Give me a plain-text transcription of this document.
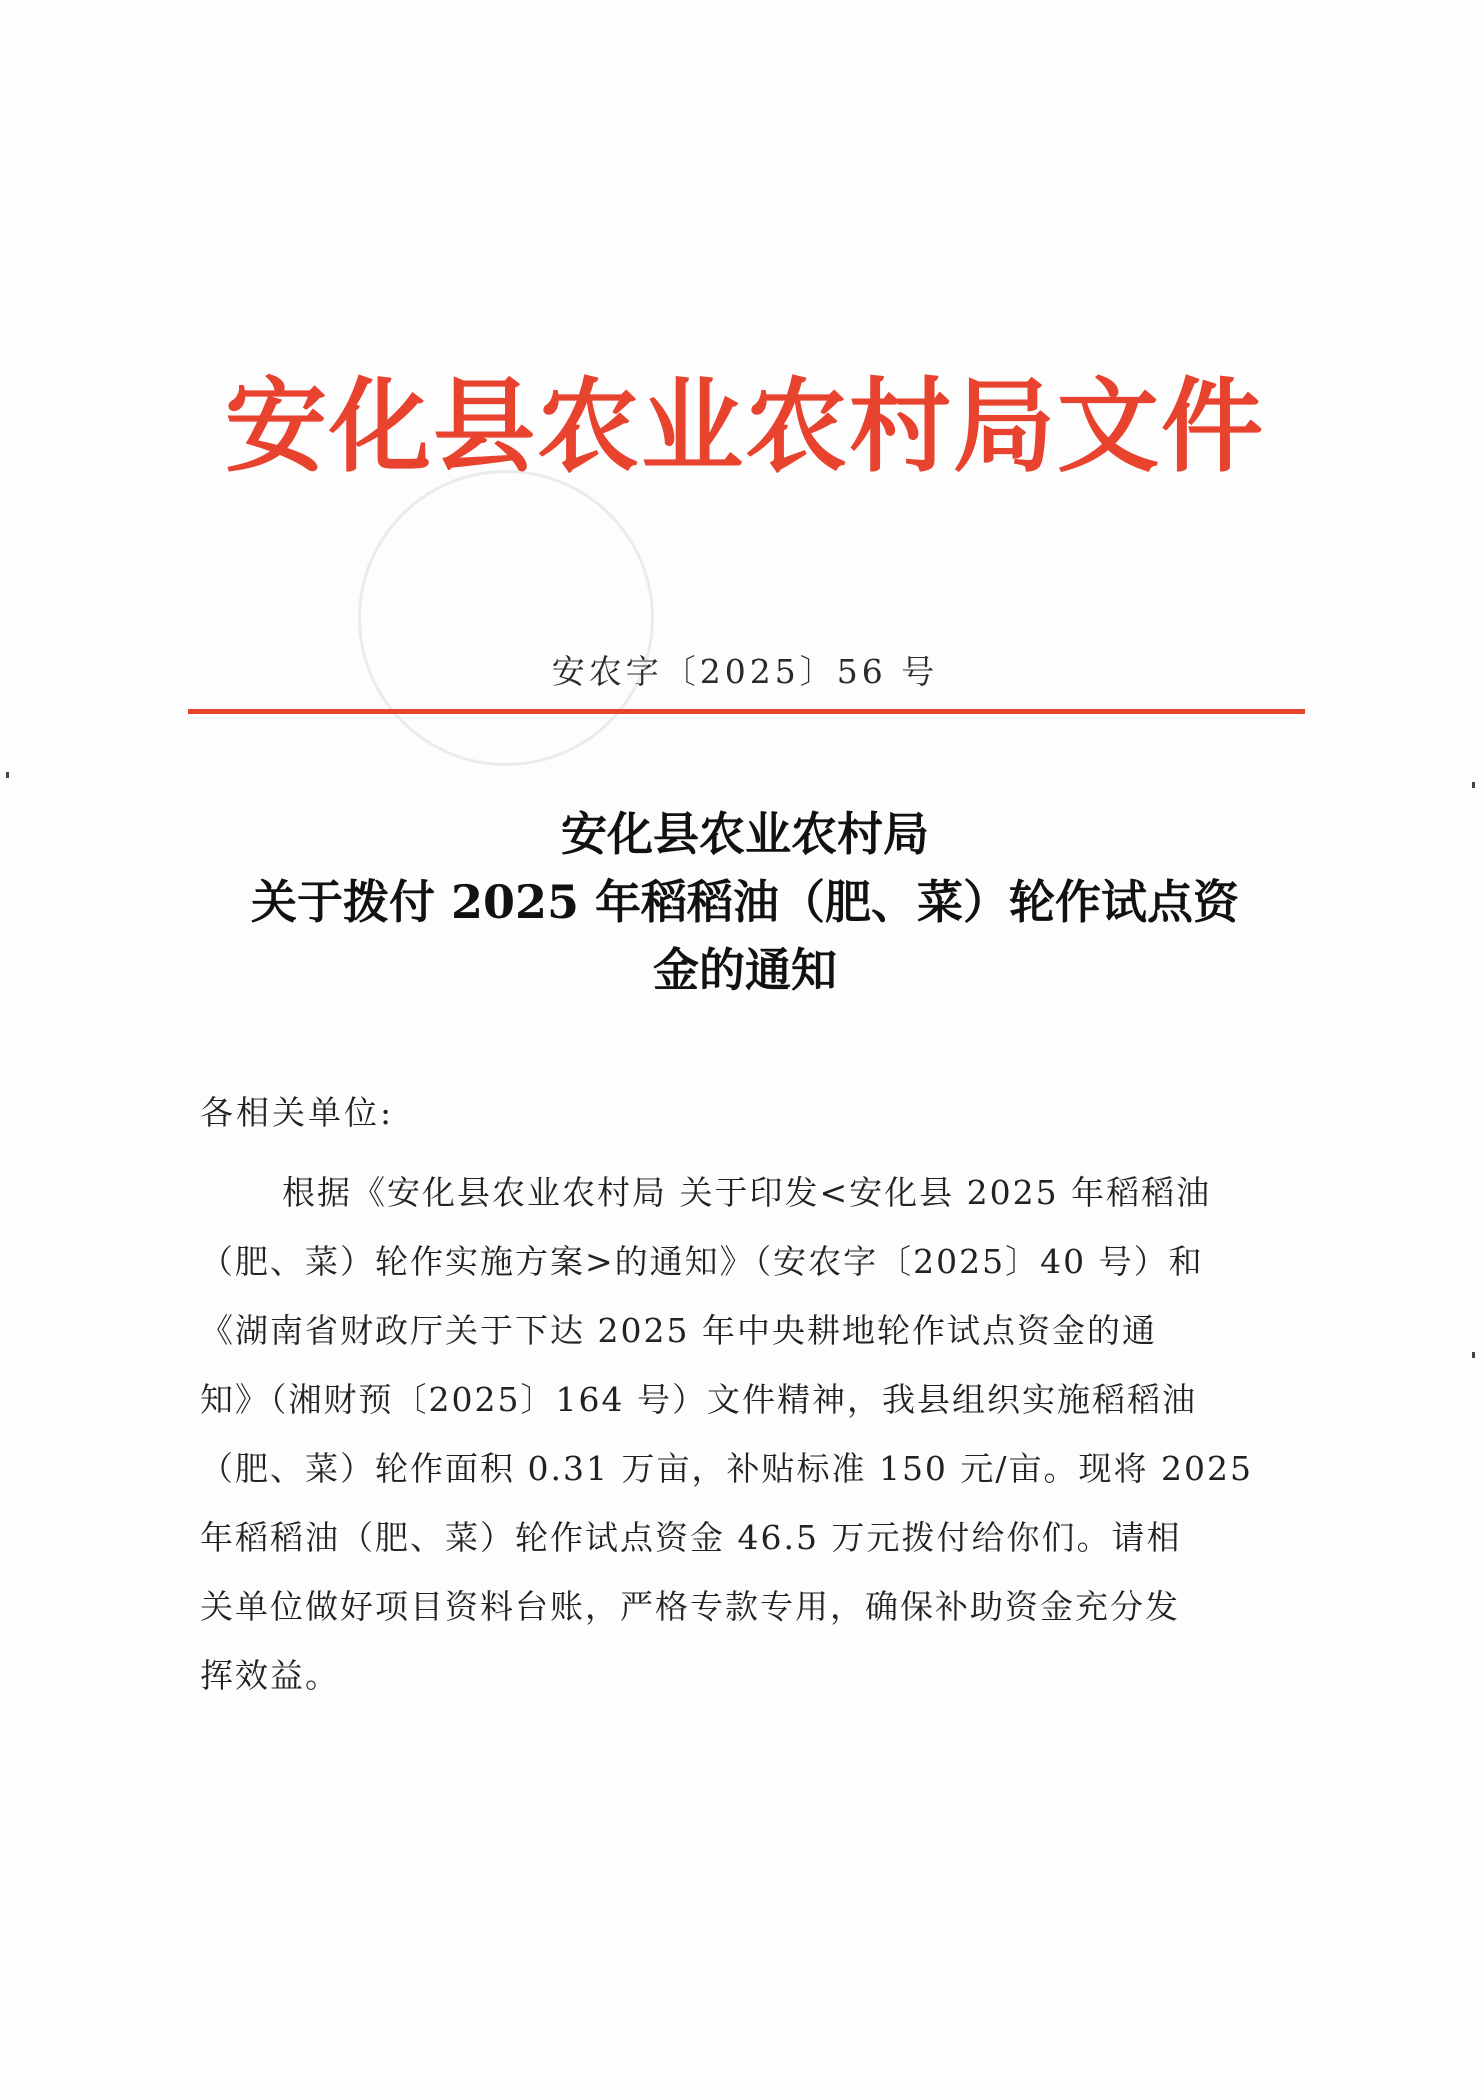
安化县农业农村局文件
安农字〔2025〕56 号
安化县农业农村局
关于拨付 2025 年稻稻油（肥、菜）轮作试点资
金的通知
各相关单位:
根据《安化县农业农村局 关于印发<安化县 2025 年稻稻油
（肥、菜）轮作实施方案>的通知》（安农字〔2025〕40 号）和
《湖南省财政厅关于下达 2025 年中央耕地轮作试点资金的通
知》（湘财预〔2025〕164 号）文件精神，我县组织实施稻稻油
（肥、菜）轮作面积 0.31 万亩，补贴标准 150 元/亩。现将 2025
年稻稻油（肥、菜）轮作试点资金 46.5 万元拨付给你们。请相
关单位做好项目资料台账，严格专款专用，确保补助资金充分发
挥效益。
